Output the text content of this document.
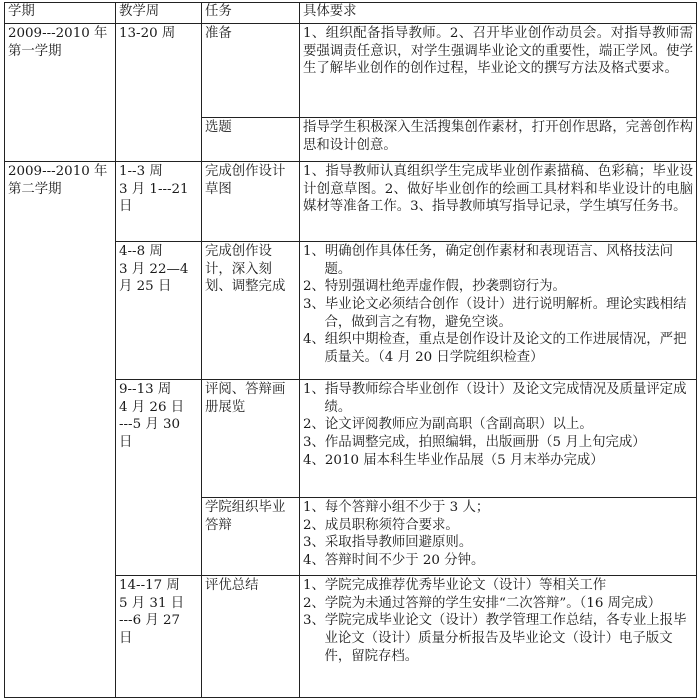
学期	教学周	任务	具体要求

2009---2010 年
第一学期	13-20 周	准备	1、组织配备指导教师。2、召开毕业创作动员会。对指导教师需要强调责任意识，对学生强调毕业论文的重要性，端正学风。使学生了解毕业创作的创作过程，毕业论文的撰写方法及格式要求。

		选题	指导学生积极深入生活搜集创作素材，打开创作思路，完善创作构思和设计创意。

2009---2010 年
第二学期	1--3 周
3 月 1---21
日	完成创作设计草图	1、指导教师认真组织学生完成毕业创作素描稿、色彩稿；毕业设计创意草图。2、做好毕业创作的绘画工具材料和毕业设计的电脑媒材等准备工作。3、指导教师填写指导记录，学生填写任务书。

	4--8 周
3 月 22—4
月 25 日	完成创作设计，深入刻划、调整完成	1、明确创作具体任务，确定创作素材和表现语言、风格技法问题。
2、特别强调杜绝弄虚作假，抄袭剽窃行为。
3、毕业论文必须结合创作（设计）进行说明解析。理论实践相结合，做到言之有物，避免空谈。
4、组织中期检查，重点是创作设计及论文的工作进展情况，严把质量关。（4 月 20 日学院组织检查）

	9--13 周
4 月 26 日
---5 月 30
日	评阅、答辩画册展览	1、指导教师综合毕业创作（设计）及论文完成情况及质量评定成绩。
2、论文评阅教师应为副高职（含副高职）以上。
3、作品调整完成，拍照编辑，出版画册（5 月上旬完成）
4、2010 届本科生毕业作品展（5 月末举办完成）

		学院组织毕业答辩	1、每个答辩小组不少于 3 人；
2、成员职称须符合要求。
3、采取指导教师回避原则。
4、答辩时间不少于 20 分钟。

	14--17 周
5 月 31 日
---6 月 27
日	评优总结	1、学院完成推荐优秀毕业论文（设计）等相关工作
2、学院为未通过答辩的学生安排“二次答辩”。（16 周完成）
3、学院完成毕业论文（设计）教学管理工作总结，各专业上报毕业论文（设计）质量分析报告及毕业论文（设计）电子版文件，留院存档。
